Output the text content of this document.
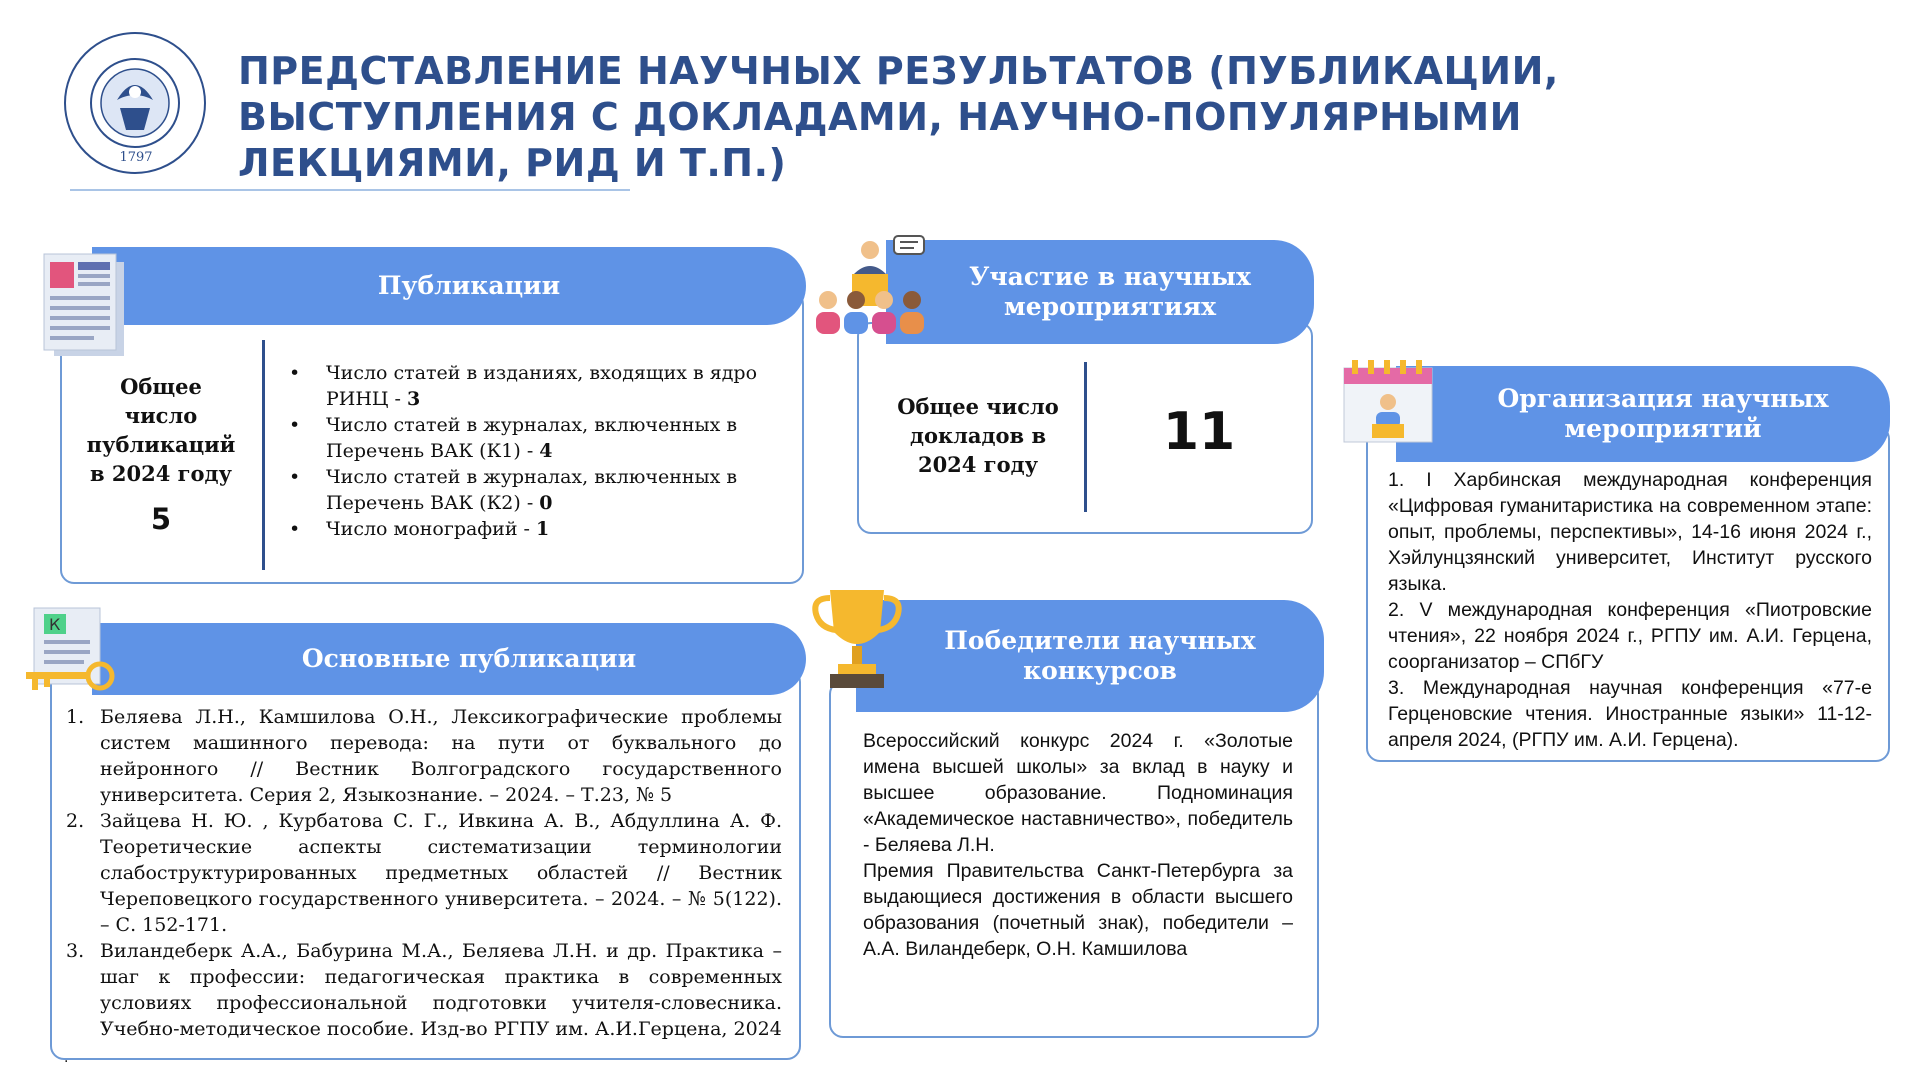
1797
ПРЕДСТАВЛЕНИЕ НАУЧНЫХ РЕЗУЛЬТАТОВ (ПУБЛИКАЦИИ, ВЫСТУПЛЕНИЯ С ДОКЛАДАМИ, НАУЧНО-ПОПУЛЯРНЫМИ ЛЕКЦИЯМИ, РИД И Т.П.)
Общее число публикаций в 2024 году
5
• Число статей в изданиях, входящих в ядро РИНЦ - 3
• Число статей в журналах, включенных в Перечень ВАК (К1) - 4
• Число статей в журналах, включенных в Перечень ВАК (К2) - 0
• Число монографий - 1
Публикации
Общее число докладов в 2024 году
11
Участие в научных мероприятиях

1. I Харбинская международная конференция «Цифровая гуманитаристика на современном этапе: опыт, проблемы, перспективы», 14-16 июня 2024 г., Хэйлунцзянский университет, Институт русского языка.

2. V международная конференция «Пиотровские чтения», 22 ноября 2024 г., РГПУ им. А.И. Герцена, соорганизатор – СПбГУ

3. Международная научная конференция «77-е Герценовские чтения. Иностранные языки» 11-12-апреля 2024, (РГПУ им. А.И. Герцена).

Организация научных мероприятий
1. Беляева Л.Н., Камшилова О.Н., Лексикографические проблемы систем машинного перевода: на пути от буквального до нейронного // Вестник Волгоградского государственного университета. Серия 2, Языкознание. – 2024. – Т.23, № 5
2. Зайцева Н. Ю. , Курбатова С. Г., Ивкина А. В., Абдуллина А. Ф. Теоретические аспекты систематизации терминологии слабоструктурированных предметных областей // Вестник Череповецкого государственного университета. – 2024. – № 5(122). – С. 152-171.
3. Виландеберк А.А., Бабурина М.А., Беляева Л.Н. и др. Практика – шаг к профессии: педагогическая практика в современных условиях профессиональной подготовки учителя-словесника. Учебно-методическое пособие. Изд-во РГПУ им. А.И.Герцена, 2024
.
Основные публикации
К

Всероссийский конкурс 2024 г. «Золотые имена высшей школы» за вклад в науку и высшее образование. Подноминация «Академическое наставничество», победитель - Беляева Л.Н.

Премия Правительства Санкт-Петербурга за выдающиеся достижения в области высшего образования (почетный знак), победители – А.А. Виландеберк, О.Н. Камшилова

Победители научных конкурсов
